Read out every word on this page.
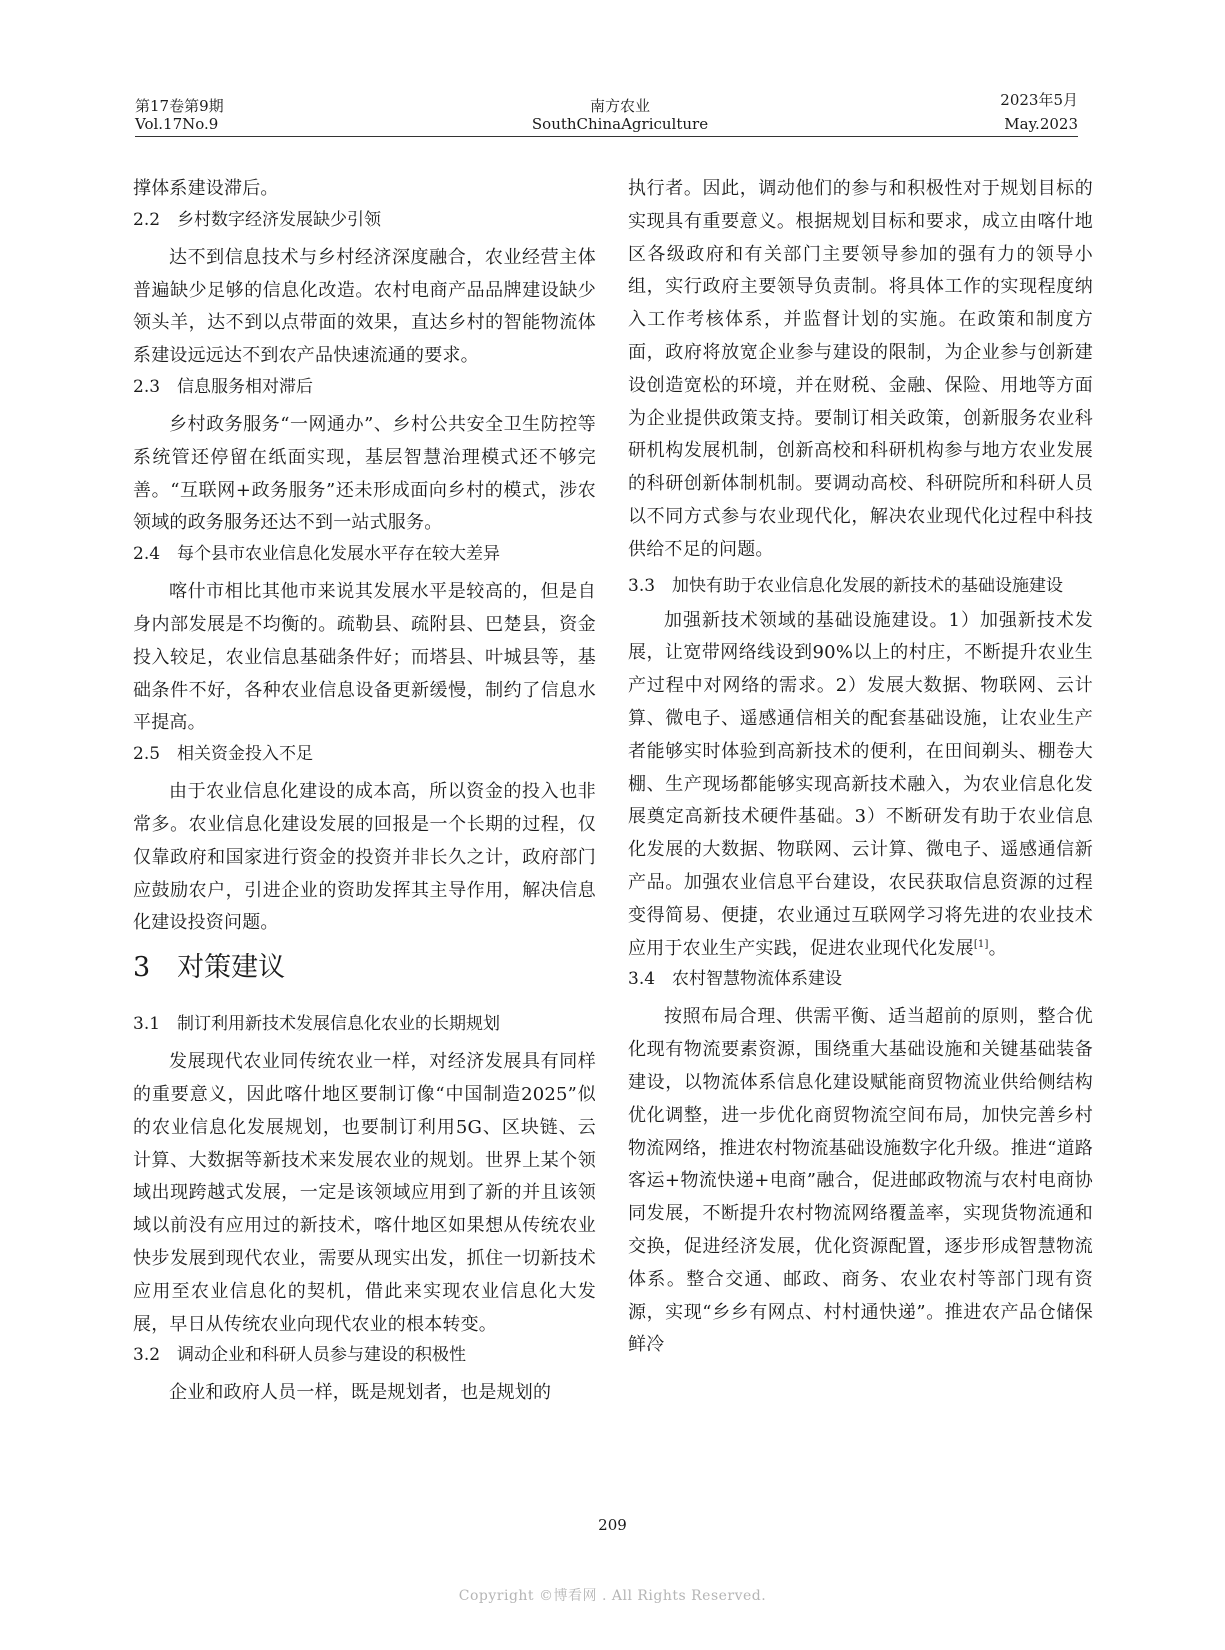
第17卷第9期
Vol.17No.9
南方农业
SouthChinaAgriculture
2023年5月
May.2023

撑体系建设滞后。

2.2　乡村数字经济发展缺少引领

达不到信息技术与乡村经济深度融合，农业经营主体普遍缺少足够的信息化改造。农村电商产品品牌建设缺少领头羊，达不到以点带面的效果，直达乡村的智能物流体系建设远远达不到农产品快速流通的要求。

2.3　信息服务相对滞后

乡村政务服务“一网通办”、乡村公共安全卫生防控等系统管还停留在纸面实现，基层智慧治理模式还不够完善。“互联网+政务服务”还未形成面向乡村的模式，涉农领域的政务服务还达不到一站式服务。

2.4　每个县市农业信息化发展水平存在较大差异

喀什市相比其他市来说其发展水平是较高的，但是自身内部发展是不均衡的。疏勒县、疏附县、巴楚县，资金投入较足，农业信息基础条件好；而塔县、叶城县等，基础条件不好，各种农业信息设备更新缓慢，制约了信息水平提高。

2.5　相关资金投入不足

由于农业信息化建设的成本高，所以资金的投入也非常多。农业信息化建设发展的回报是一个长期的过程，仅仅靠政府和国家进行资金的投资并非长久之计，政府部门应鼓励农户，引进企业的资助发挥其主导作用，解决信息化建设投资问题。

3　对策建议
3.1　制订利用新技术发展信息化农业的长期规划

发展现代农业同传统农业一样，对经济发展具有同样的重要意义，因此喀什地区要制订像“中国制造2025”似的农业信息化发展规划，也要制订利用5G、区块链、云计算、大数据等新技术来发展农业的规划。世界上某个领域出现跨越式发展，一定是该领域应用到了新的并且该领域以前没有应用过的新技术，喀什地区如果想从传统农业快步发展到现代农业，需要从现实出发，抓住一切新技术应用至农业信息化的契机，借此来实现农业信息化大发展，早日从传统农业向现代农业的根本转变。

3.2　调动企业和科研人员参与建设的积极性

企业和政府人员一样，既是规划者，也是规划的

执行者。因此，调动他们的参与和积极性对于规划目标的实现具有重要意义。根据规划目标和要求，成立由喀什地区各级政府和有关部门主要领导参加的强有力的领导小组，实行政府主要领导负责制。将具体工作的实现程度纳入工作考核体系，并监督计划的实施。在政策和制度方面，政府将放宽企业参与建设的限制，为企业参与创新建设创造宽松的环境，并在财税、金融、保险、用地等方面为企业提供政策支持。要制订相关政策，创新服务农业科研机构发展机制，创新高校和科研机构参与地方农业发展的科研创新体制机制。要调动高校、科研院所和科研人员以不同方式参与农业现代化，解决农业现代化过程中科技供给不足的问题。

3.3　加快有助于农业信息化发展的新技术的基础设施建设

加强新技术领域的基础设施建设。1）加强新技术发展，让宽带网络线设到90%以上的村庄，不断提升农业生产过程中对网络的需求。2）发展大数据、物联网、云计算、微电子、遥感通信相关的配套基础设施，让农业生产者能够实时体验到高新技术的便利，在田间剃头、棚卷大棚、生产现场都能够实现高新技术融入，为农业信息化发展奠定高新技术硬件基础。3）不断研发有助于农业信息化发展的大数据、物联网、云计算、微电子、遥感通信新产品。加强农业信息平台建设，农民获取信息资源的过程变得简易、便捷，农业通过互联网学习将先进的农业技术应用于农业生产实践，促进农业现代化发展[1]。

3.4　农村智慧物流体系建设

按照布局合理、供需平衡、适当超前的原则，整合优化现有物流要素资源，围绕重大基础设施和关键基础装备建设，以物流体系信息化建设赋能商贸物流业供给侧结构优化调整，进一步优化商贸物流空间布局，加快完善乡村物流网络，推进农村物流基础设施数字化升级。推进“道路客运+物流快递+电商”融合，促进邮政物流与农村电商协同发展，不断提升农村物流网络覆盖率，实现货物流通和交换，促进经济发展，优化资源配置，逐步形成智慧物流体系。整合交通、邮政、商务、农业农村等部门现有资源，实现“乡乡有网点、村村通快递”。推进农产品仓储保鲜冷

209
Copyright ©博看网 . All Rights Reserved.
